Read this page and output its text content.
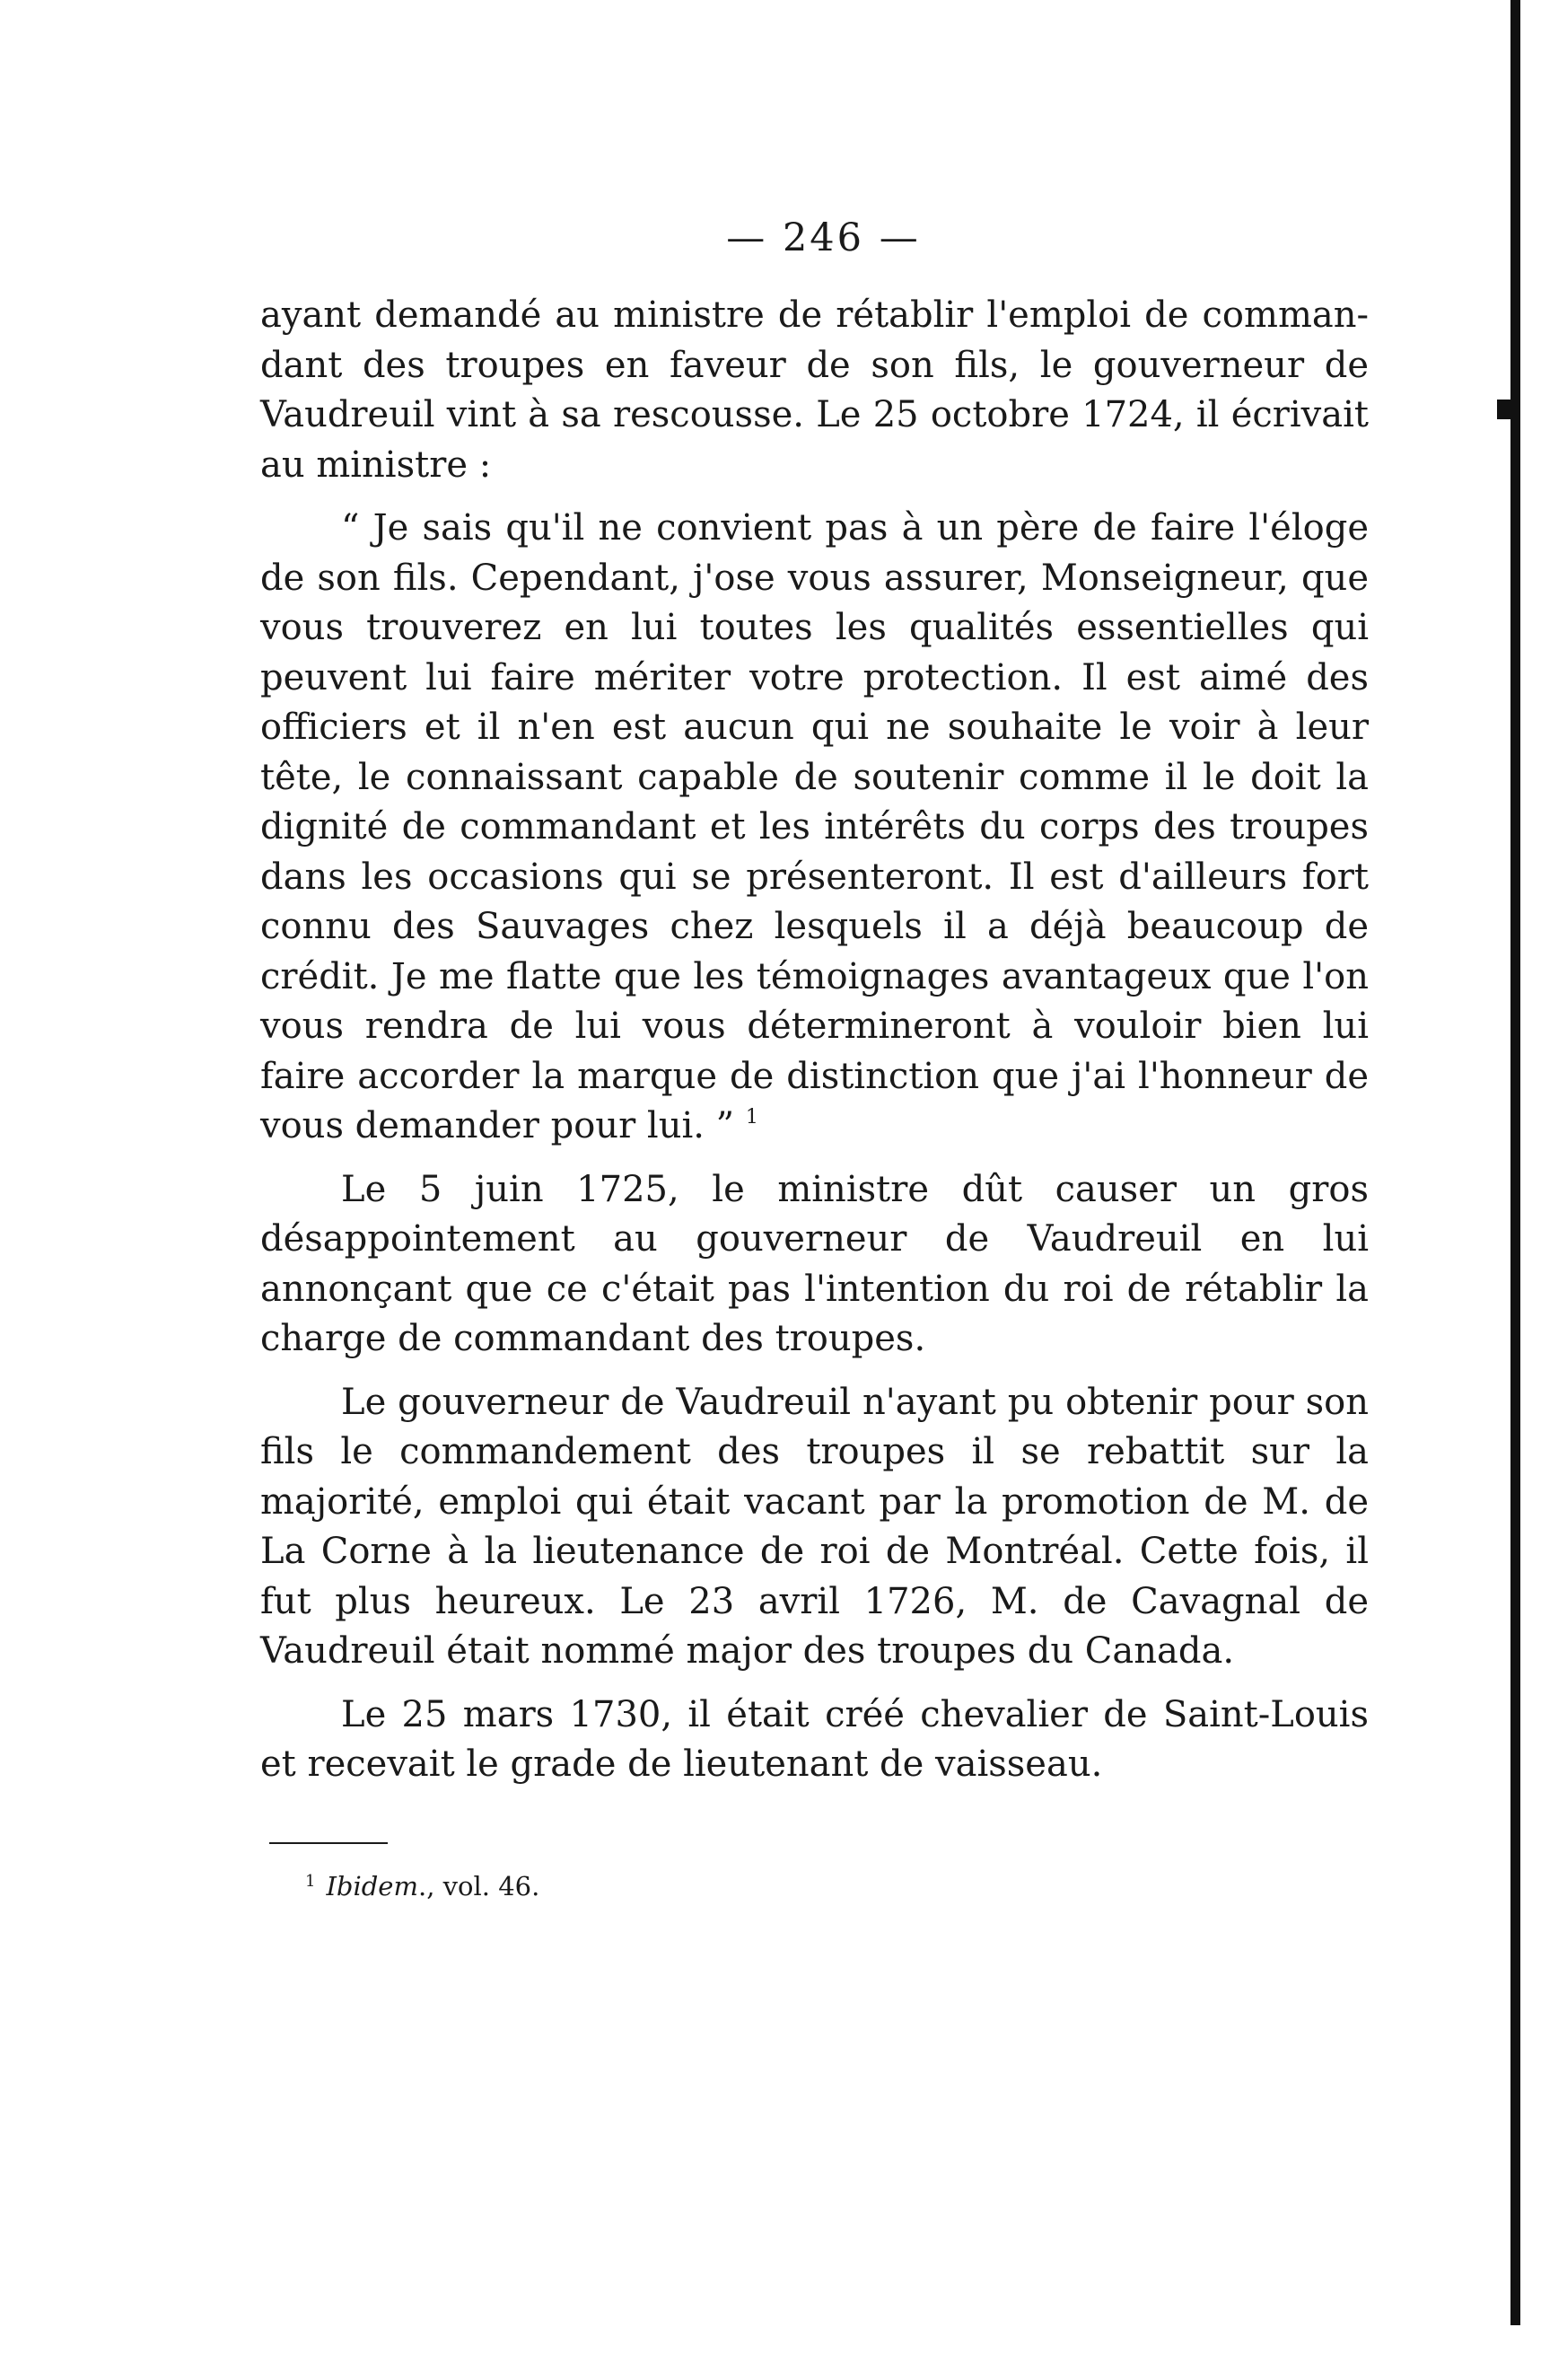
— 246 —

ayant demandé au ministre de rétablir l'emploi de commandant des troupes en faveur de son fils, le gouverneur de Vaudreuil vint à sa rescousse. Le 25 octobre 1724, il écrivait au ministre :

“ Je sais qu'il ne convient pas à un père de faire l'éloge de son fils. Cependant, j'ose vous assurer, Monseigneur, que vous trouverez en lui toutes les qualités essentielles qui peuvent lui faire mériter votre protection. Il est aimé des officiers et il n'en est aucun qui ne souhaite le voir à leur tête, le connaissant capable de soutenir comme il le doit la dignité de commandant et les intérêts du corps des troupes dans les occasions qui se présenteront. Il est d'ailleurs fort connu des Sauvages chez lesquels il a déjà beaucoup de crédit. Je me flatte que les témoignages avantageux que l'on vous rendra de lui vous détermineront à vouloir bien lui faire accorder la marque de distinction que j'ai l'honneur de vous demander pour lui. ” $^1$

Le 5 juin 1725, le ministre dût causer un gros désappointement au gouverneur de Vaudreuil en lui annonçant que ce c'était pas l'intention du roi de rétablir la charge de commandant des troupes.

Le gouverneur de Vaudreuil n'ayant pu obtenir pour son fils le commandement des troupes il se rebattit sur la majorité, emploi qui était vacant par la promotion de M. de La Corne à la lieutenance de roi de Montréal. Cette fois, il fut plus heureux. Le 23 avril 1726, M. de Cavagnal de Vaudreuil était nommé major des troupes du Canada.

Le 25 mars 1730, il était créé chevalier de Saint-Louis et recevait le grade de lieutenant de vaisseau.

$^1$ Ibidem., vol. 46.
